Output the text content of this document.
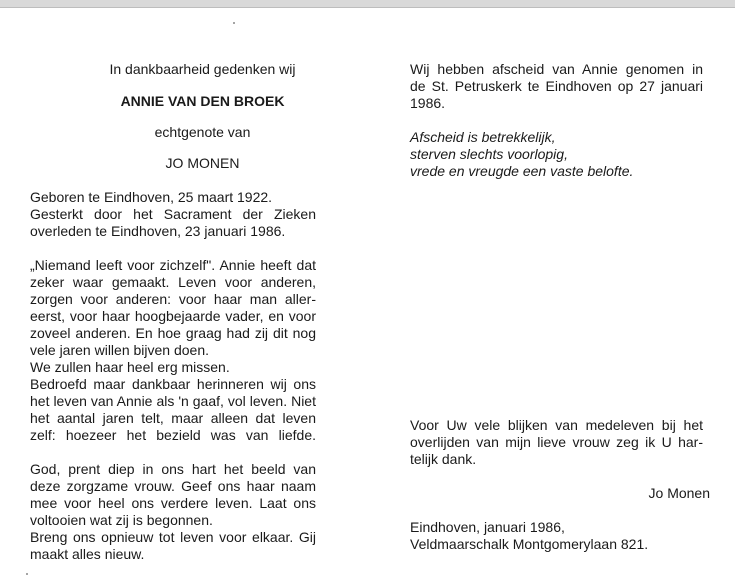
In dankbaarheid gedenken wij
ANNIE VAN DEN BROEK
echtgenote van
JO MONEN
Geboren te Eindhoven, 25 maart 1922.
Gesterkt door het Sacrament der Zieken
overleden te Eindhoven, 23 januari 1986.
„Niemand leeft voor zichzelf". Annie heeft dat
zeker waar gemaakt. Leven voor anderen,
zorgen voor anderen: voor haar man aller-
eerst, voor haar hoogbejaarde vader, en voor
zoveel anderen. En hoe graag had zij dit nog
vele jaren willen bijven doen.
We zullen haar heel erg missen.
Bedroefd maar dankbaar herinneren wij ons
het leven van Annie als 'n gaaf, vol leven. Niet
het aantal jaren telt, maar alleen dat leven
zelf: hoezeer het bezield was van liefde.
God, prent diep in ons hart het beeld van
deze zorgzame vrouw. Geef ons haar naam
mee voor heel ons verdere leven. Laat ons
voltooien wat zij is begonnen.
Breng ons opnieuw tot leven voor elkaar. Gij
maakt alles nieuw.
Wij hebben afscheid van Annie genomen in
de St. Petruskerk te Eindhoven op 27 januari
1986.
Afscheid is betrekkelijk,
sterven slechts voorlopig,
vrede en vreugde een vaste belofte.
Voor Uw vele blijken van medeleven bij het
overlijden van mijn lieve vrouw zeg ik U har-
telijk dank.
Jo Monen
Eindhoven, januari 1986,
Veldmaarschalk Montgomerylaan 821.
